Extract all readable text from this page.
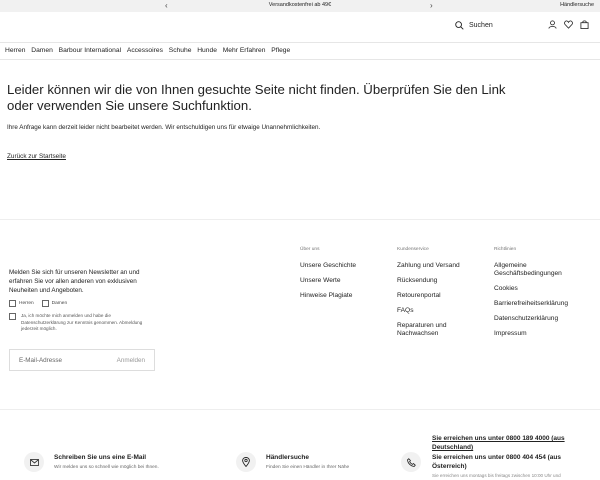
‹	Versandkostenfrei ab 49€	›	Händlersuche
Suchen
Herren Damen Barbour International Accessoires Schuhe Hunde Mehr Erfahren Pflege
Leider können wir die von Ihnen gesuchte Seite nicht finden. Überprüfen Sie den Link oder verwenden Sie unsere Suchfunktion.

Ihre Anfrage kann derzeit leider nicht bearbeitet werden. Wir entschuldigen uns für etwaige Unannehmlichkeiten.

Zurück zur Startseite

Melden Sie sich für unseren Newsletter an und erfahren Sie vor allen anderen von exklusiven Neuheiten und Angeboten.

Herren	Damen
Ja, ich möchte mich anmelden und habe die Datenschutzerklärung zur Kenntnis genommen. Abmeldung jederzeit möglich.
E-Mail-Adresse	Anmelden
Über uns
Unsere Geschichte
Unsere Werte
Hinweise Plagiate
Kundenservice
Zahlung und Versand
Rücksendung
Retourenportal
FAQs
Reparaturen und Nachwachsen
Richtlinien
Allgemeine Geschäftsbedingungen
Cookies
Barrierefreiheitserklärung
Datenschutzerklärung
Impressum
Schreiben Sie uns eine E-Mail
Wir melden uns so schnell wie möglich bei Ihnen.
Händlersuche
Finden Sie einen Händler in Ihrer Nähe
Sie erreichen uns unter 0800 189 4000 (aus Deutschland)
Sie erreichen uns unter 0800 404 454 (aus Österreich)
Sie erreichen uns montags bis freitags zwischen 10:00 Uhr und
